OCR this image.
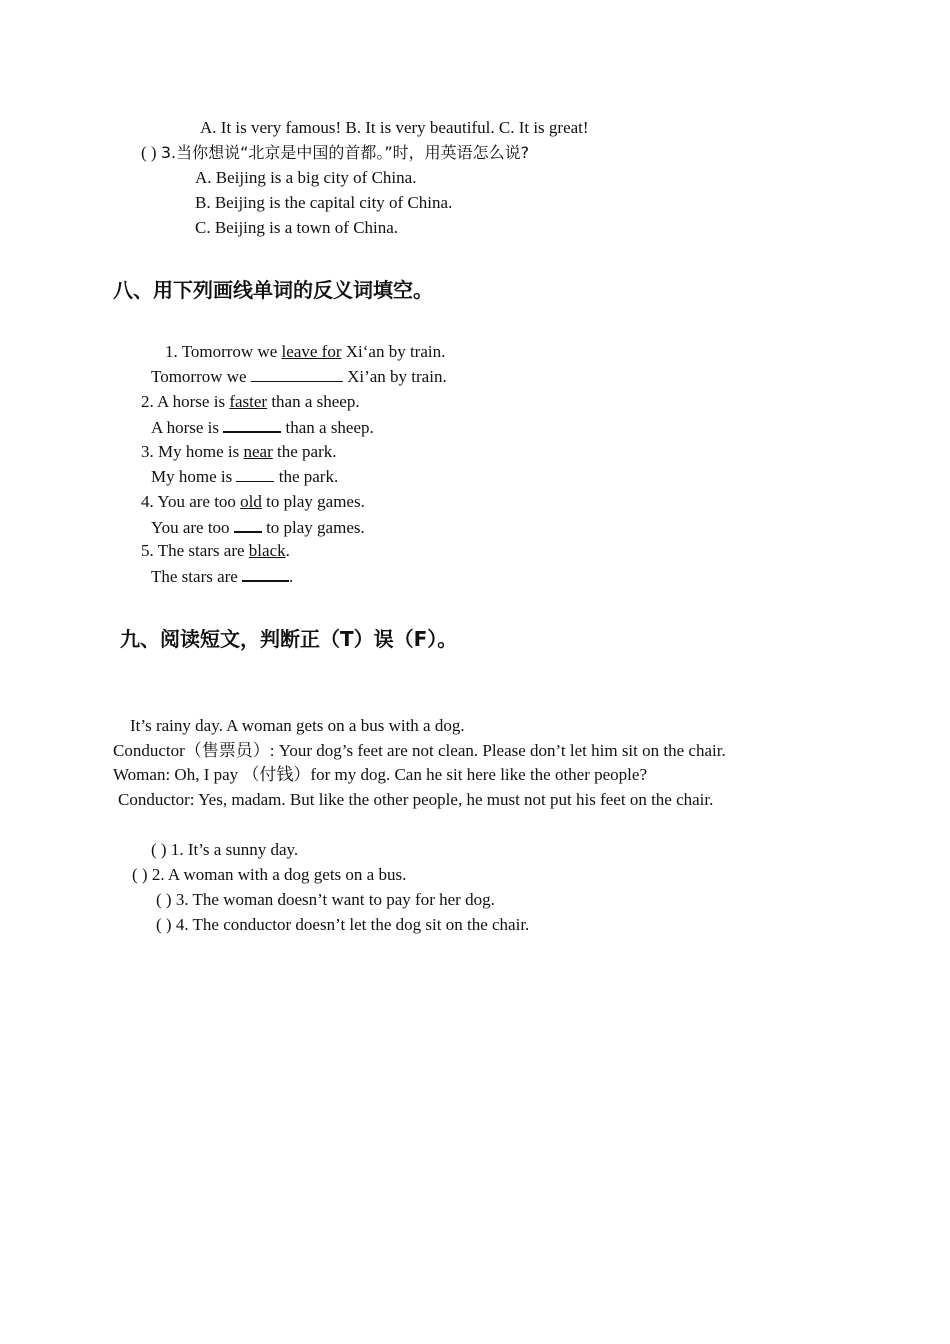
A. It is very famous! B. It is very beautiful. C. It is great!
( ) 3.当你想说“北京是中国的首都。”时，用英语怎么说?
A. Beijing is a big city of China.
B. Beijing is the capital city of China.
C. Beijing is a town of China.
八、用下列画线单词的反义词填空。
1. Tomorrow we leave for Xi‘an by train.
Tomorrow we	Xi’an by train.
2. A horse is faster than a sheep.
A horse is	than a sheep.
3. My home is near the park.
My home is  the park.
4. You are too old to play games.
You are too  to play games.
5. The stars are black.
The stars are	.
九、阅读短文，判断正（T）误（F）。
It’s rainy day. A woman gets on a bus with a dog.
Conductor（售票员）: Your dog’s feet are not clean. Please don’t let him sit on the chair.
Woman: Oh, I pay （付钱）for my dog. Can he sit here like the other people?
Conductor: Yes, madam. But like the other people, he must not put his feet on the chair.
( ) 1. It’s a sunny day.
( ) 2. A woman with a dog gets on a bus.
( ) 3. The woman doesn’t want to pay for her dog.
( ) 4. The conductor doesn’t let the dog sit on the chair.
